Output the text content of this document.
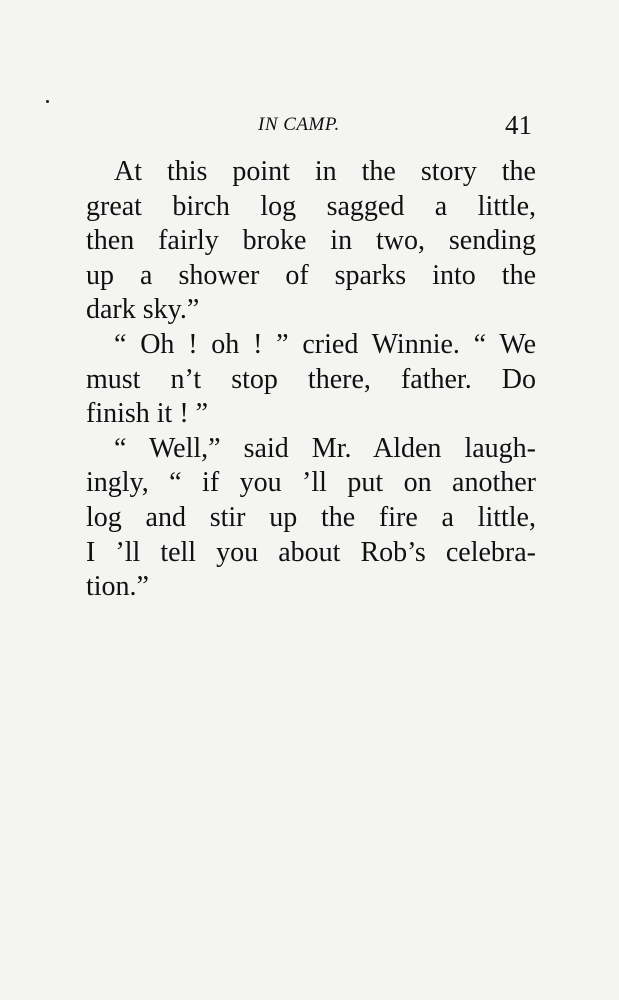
IN CAMP.	41
At this point in the story the
great birch log sagged a little,
then fairly broke in two, sending
up a shower of sparks into the
dark sky.”
“ Oh ! oh ! ” cried Winnie. “ We
must n’t stop there, father. Do
finish it ! ”
“ Well,” said Mr. Alden laugh-
ingly, “ if you ’ll put on another
log and stir up the fire a little,
I ’ll tell you about Rob’s celebra-
tion.”
